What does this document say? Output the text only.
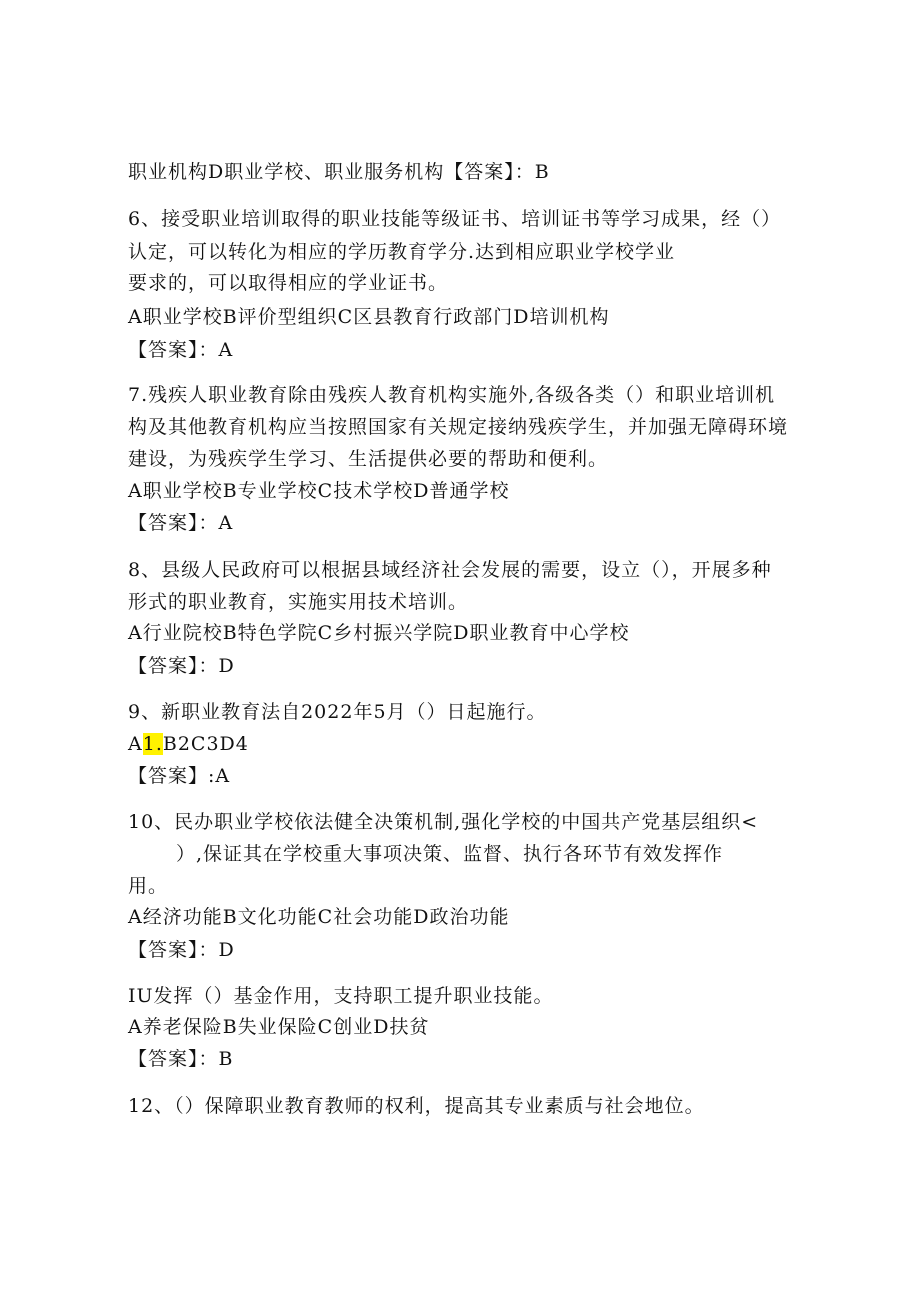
职业机构D职业学校、职业服务机构【答案】：B
6、接受职业培训取得的职业技能等级证书、培训证书等学习成果，经（）
认定，可以转化为相应的学历教育学分.达到相应职业学校学业
要求的，可以取得相应的学业证书。
A职业学校B评价型组织C区县教育行政部门D培训机构
【答案】：A
7.残疾人职业教育除由残疾人教育机构实施外,各级各类（）和职业培训机
构及其他教育机构应当按照国家有关规定接纳残疾学生，并加强无障碍环境
建设，为残疾学生学习、生活提供必要的帮助和便利。
A职业学校B专业学校C技术学校D普通学校
【答案】：A
8、县级人民政府可以根据县域经济社会发展的需要，设立（），开展多种
形式的职业教育，实施实用技术培训。
A行业院校B特色学院C乡村振兴学院D职业教育中心学校
【答案】：D
9、新职业教育法自2022年5月（）日起施行。
A1.B2C3D4
【答案】:A
10、民办职业学校依法健全决策机制,强化学校的中国共产党基层组织<
）,保证其在学校重大事项决策、监督、执行各环节有效发挥作
用。
A经济功能B文化功能C社会功能D政治功能
【答案】：D
IU发挥（）基金作用，支持职工提升职业技能。
A养老保险B失业保险C创业D扶贫
【答案】：B
12、（）保障职业教育教师的权利，提高其专业素质与社会地位。
